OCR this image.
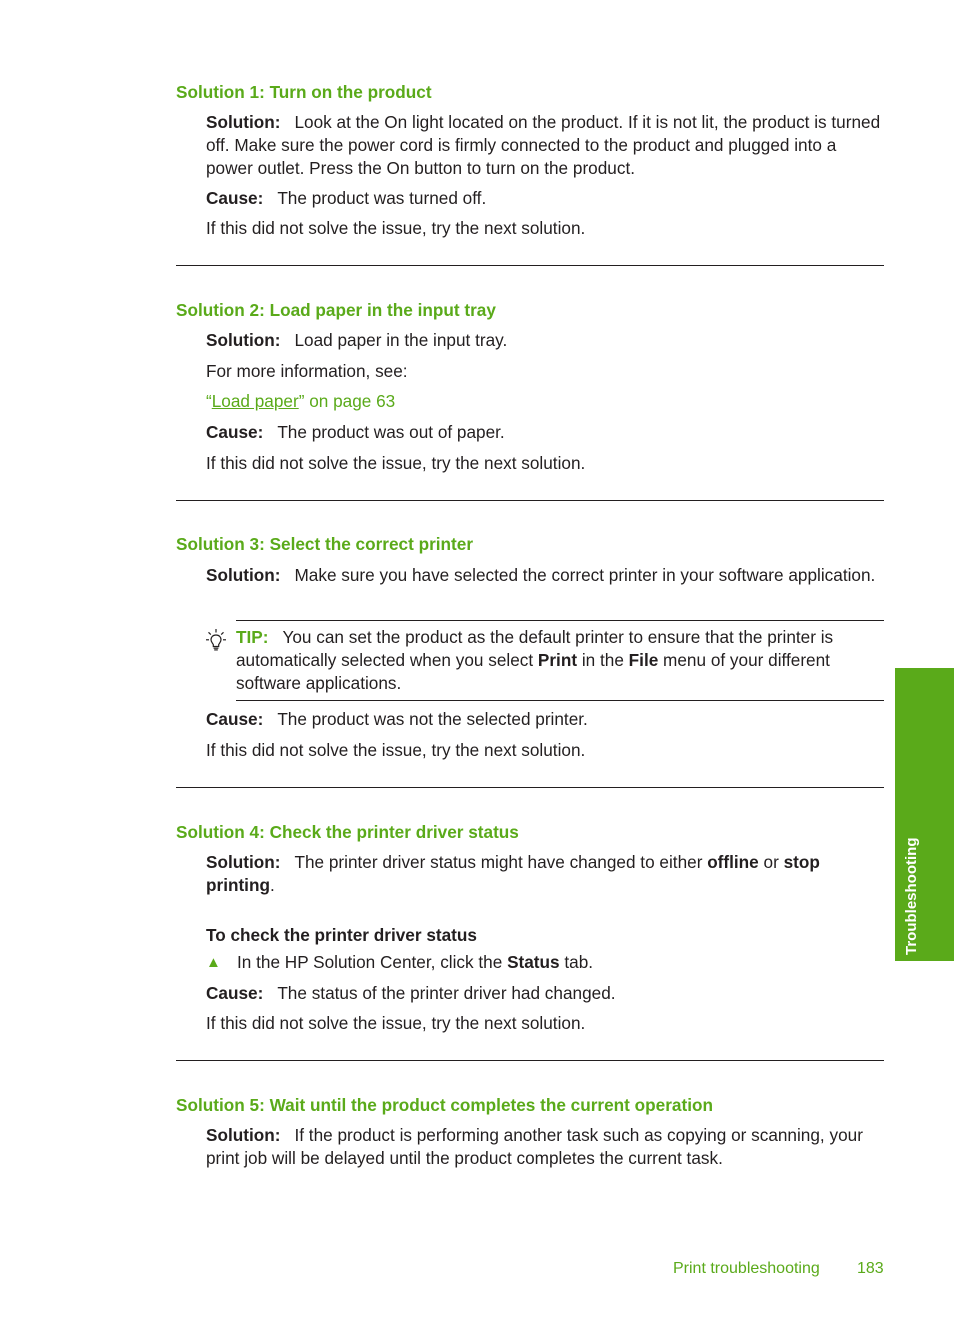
Solution 1: Turn on the product
Solution: Look at the On light located on the product. If it is not lit, the product is turned off. Make sure the power cord is firmly connected to the product and plugged into a power outlet. Press the On button to turn on the product.
Cause: The product was turned off.
If this did not solve the issue, try the next solution.
Solution 2: Load paper in the input tray
Solution: Load paper in the input tray.
For more information, see:
“Load paper” on page 63
Cause: The product was out of paper.
If this did not solve the issue, try the next solution.
Solution 3: Select the correct printer
Solution: Make sure you have selected the correct printer in your software application.
TIP: You can set the product as the default printer to ensure that the printer is automatically selected when you select Print in the File menu of your different software applications.
Cause: The product was not the selected printer.
If this did not solve the issue, try the next solution.
Solution 4: Check the printer driver status
Solution: The printer driver status might have changed to either offline or stop printing.
To check the printer driver status
▲ In the HP Solution Center, click the Status tab.
Cause: The status of the printer driver had changed.
If this did not solve the issue, try the next solution.
Solution 5: Wait until the product completes the current operation
Solution: If the product is performing another task such as copying or scanning, your print job will be delayed until the product completes the current task.
Troubleshooting
Print troubleshooting 183
